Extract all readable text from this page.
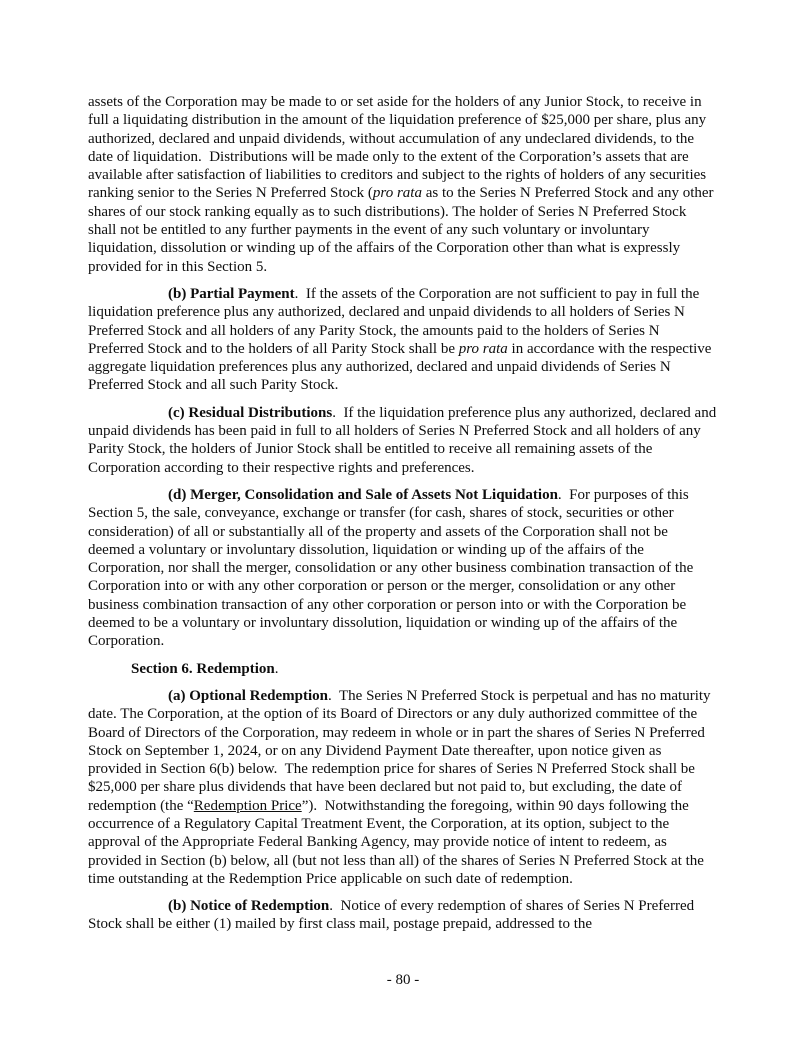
assets of the Corporation may be made to or set aside for the holders of any Junior Stock, to receive in full a liquidating distribution in the amount of the liquidation preference of $25,000 per share, plus any authorized, declared and unpaid dividends, without accumulation of any undeclared dividends, to the date of liquidation.  Distributions will be made only to the extent of the Corporation’s assets that are available after satisfaction of liabilities to creditors and subject to the rights of holders of any securities ranking senior to the Series N Preferred Stock (pro rata as to the Series N Preferred Stock and any other shares of our stock ranking equally as to such distributions). The holder of Series N Preferred Stock shall not be entitled to any further payments in the event of any such voluntary or involuntary liquidation, dissolution or winding up of the affairs of the Corporation other than what is expressly provided for in this Section 5.

(b) Partial Payment.  If the assets of the Corporation are not sufficient to pay in full the liquidation preference plus any authorized, declared and unpaid dividends to all holders of Series N Preferred Stock and all holders of any Parity Stock, the amounts paid to the holders of Series N Preferred Stock and to the holders of all Parity Stock shall be pro rata in accordance with the respective aggregate liquidation preferences plus any authorized, declared and unpaid dividends of Series N Preferred Stock and all such Parity Stock.

(c) Residual Distributions.  If the liquidation preference plus any authorized, declared and unpaid dividends has been paid in full to all holders of Series N Preferred Stock and all holders of any Parity Stock, the holders of Junior Stock shall be entitled to receive all remaining assets of the Corporation according to their respective rights and preferences.

(d) Merger, Consolidation and Sale of Assets Not Liquidation.  For purposes of this Section 5, the sale, conveyance, exchange or transfer (for cash, shares of stock, securities or other consideration) of all or substantially all of the property and assets of the Corporation shall not be deemed a voluntary or involuntary dissolution, liquidation or winding up of the affairs of the Corporation, nor shall the merger, consolidation or any other business combination transaction of the Corporation into or with any other corporation or person or the merger, consolidation or any other business combination transaction of any other corporation or person into or with the Corporation be deemed to be a voluntary or involuntary dissolution, liquidation or winding up of the affairs of the Corporation.

Section 6. Redemption.

(a) Optional Redemption.  The Series N Preferred Stock is perpetual and has no maturity date. The Corporation, at the option of its Board of Directors or any duly authorized committee of the Board of Directors of the Corporation, may redeem in whole or in part the shares of Series N Preferred Stock on September 1, 2024, or on any Dividend Payment Date thereafter, upon notice given as provided in Section 6(b) below.  The redemption price for shares of Series N Preferred Stock shall be $25,000 per share plus dividends that have been declared but not paid to, but excluding, the date of redemption (the “Redemption Price”).  Notwithstanding the foregoing, within 90 days following the occurrence of a Regulatory Capital Treatment Event, the Corporation, at its option, subject to the approval of the Appropriate Federal Banking Agency, may provide notice of intent to redeem, as provided in Section (b) below, all (but not less than all) of the shares of Series N Preferred Stock at the time outstanding at the Redemption Price applicable on such date of redemption.

(b) Notice of Redemption.  Notice of every redemption of shares of Series N Preferred Stock shall be either (1) mailed by first class mail, postage prepaid, addressed to the

- 80 -
